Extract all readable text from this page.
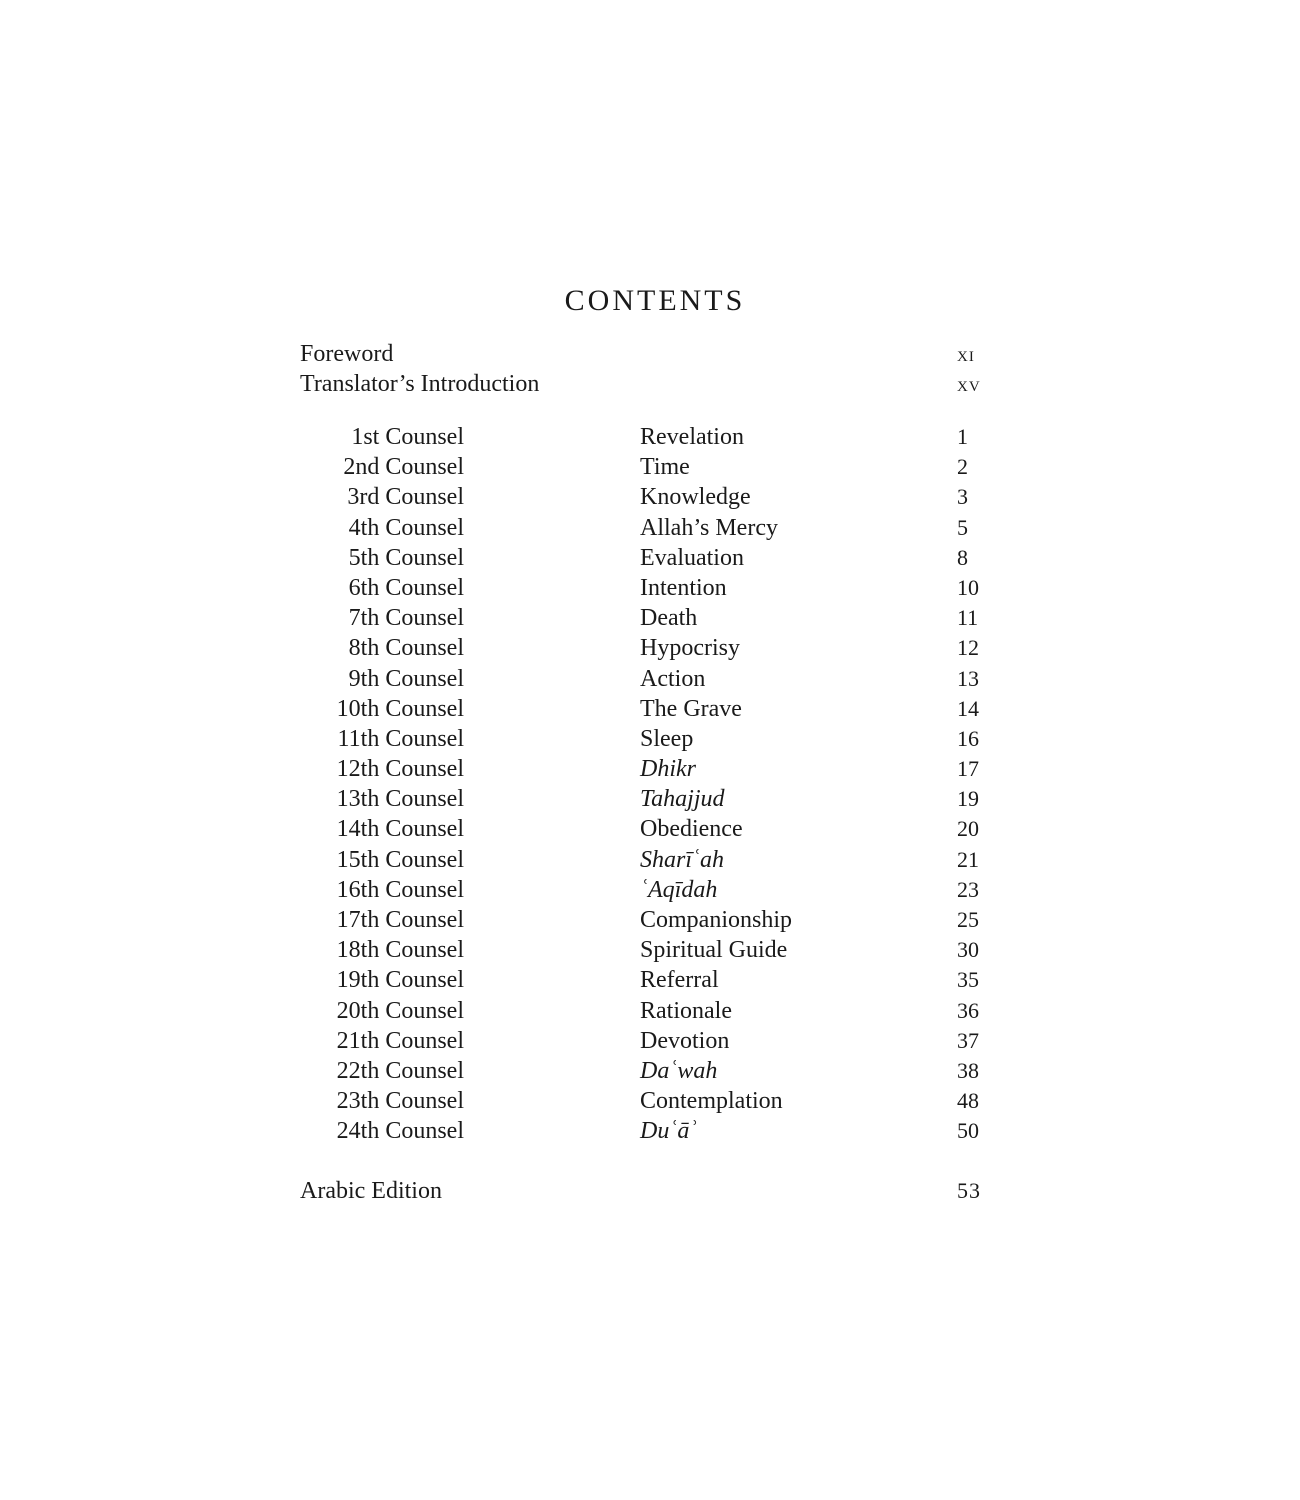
CONTENTS
Foreword	xi
Translator’s Introduction	xv
1st Counsel	Revelation	1
2nd Counsel	Time	2
3rd Counsel	Knowledge	3
4th Counsel	Allah’s Mercy	5
5th Counsel	Evaluation	8
6th Counsel	Intention	10
7th Counsel	Death	11
8th Counsel	Hypocrisy	12
9th Counsel	Action	13
10th Counsel	The Grave	14
11th Counsel	Sleep	16
12th Counsel	Dhikr	17
13th Counsel	Tahajjud	19
14th Counsel	Obedience	20
15th Counsel	Sharīʿah	21
16th Counsel	ʿAqīdah	23
17th Counsel	Companionship	25
18th Counsel	Spiritual Guide	30
19th Counsel	Referral	35
20th Counsel	Rationale	36
21th Counsel	Devotion	37
22th Counsel	Daʿwah	38
23th Counsel	Contemplation	48
24th Counsel	Duʿāʾ	50
Arabic Edition	53
